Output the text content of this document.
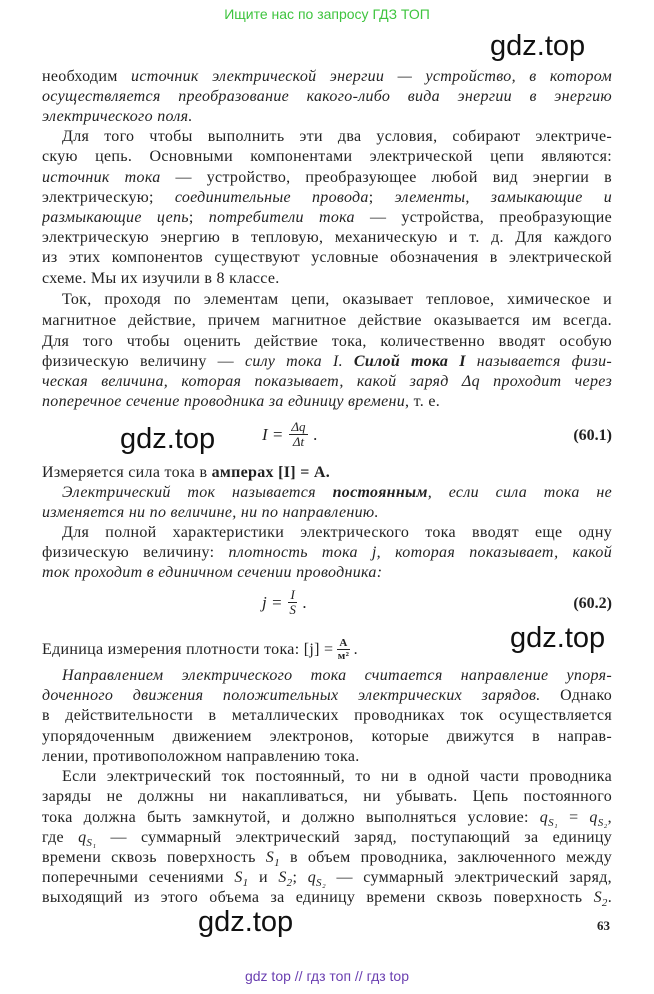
Ищите нас по запросу ГДЗ ТОП
gdz.top
gdz.top
gdz.top
gdz.top
необходим источник электрической энергии — устройство, в котором
осуществляется преобразование какого-либо вида энергии в энергию
электрического поля.
Для того чтобы выполнить эти два условия, собирают электриче-
скую цепь. Основными компонентами электрической цепи являются:
источник тока — устройство, преобразующее любой вид энергии в
электрическую; соединительные провода; элементы, замыкающие и
размыкающие цепь; потребители тока — устройства, преобразующие
электрическую энергию в тепловую, механическую и т. д. Для каждого
из этих компонентов существуют условные обозначения в электрической
схеме. Мы их изучили в 8 классе.
Ток, проходя по элементам цепи, оказывает тепловое, химическое и
магнитное действие, причем магнитное действие оказывается им всегда.
Для того чтобы оценить действие тока, количественно вводят особую
физическую величину — силу тока I. Силой тока I называется физи-
ческая величина, которая показывает, какой заряд Δq проходит через
поперечное сечение проводника за единицу времени, т. е.
Измеряется сила тока в амперах [I] = A.
Электрический ток называется постоянным, если сила тока не
изменяется ни по величине, ни по направлению.
Для полной характеристики электрического тока вводят еще одну
физическую величину: плотность тока j, которая показывает, какой
ток проходит в единичном сечении проводника:
Направлением электрического тока считается направление упоря-
доченного движения положительных электрических зарядов. Однако
в действительности в металлических проводниках ток осуществляется
упорядоченным движением электронов, которые движутся в направ-
лении, противоположном направлению тока.
Если электрический ток постоянный, то ни в одной части проводника
заряды не должны ни накапливаться, ни убывать. Цепь постоянного
тока должна быть замкнутой, и должно выполняться условие: $q_{S_1} = q_{S_2}$,
где $q_{S_1}$ — суммарный электрический заряд, поступающий за единицу
времени сквозь поверхность $S_1$ в объем проводника, заключенного между
поперечными сечениями $S_1$ и $S_2$; $q_{S_2}$ — суммарный электрический заряд,
выходящий из этого объема за единицу времени сквозь поверхность $S_2$.
$I = \frac{\Delta q}{\Delta t}$ .	(60.1)
$j = \frac{I}{S}$ .	(60.2)
Единица измерения плотности тока: $[j] = \frac{A}{\text{м²}}$ .
63
gdz top // гдз топ // гдз top
